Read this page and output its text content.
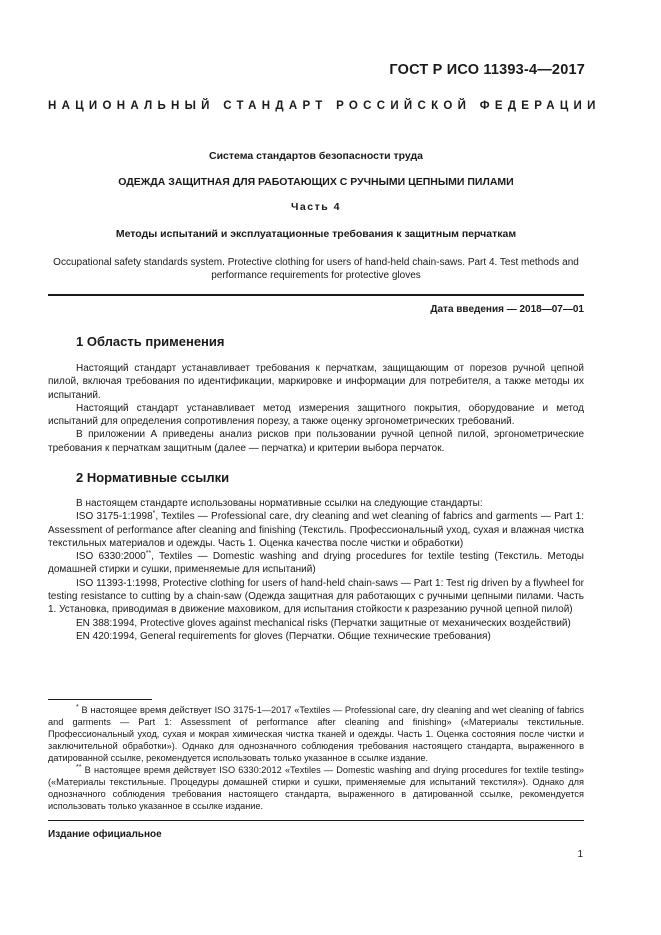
ГОСТ Р ИСО 11393-4—2017
НАЦИОНАЛЬНЫЙ СТАНДАРТ РОССИЙСКОЙ ФЕДЕРАЦИИ
Система стандартов безопасности труда
ОДЕЖДА ЗАЩИТНАЯ ДЛЯ РАБОТАЮЩИХ С РУЧНЫМИ ЦЕПНЫМИ ПИЛАМИ
Часть 4
Методы испытаний и эксплуатационные требования к защитным перчаткам
Occupational safety standards system. Protective clothing for users of hand-held chain-saws. Part 4. Test methods and performance requirements for protective gloves
Дата введения — 2018—07—01
1 Область применения

Настоящий стандарт устанавливает требования к перчаткам, защищающим от порезов ручной цепной пилой, включая требования по идентификации, маркировке и информации для потребителя, а также методы их испытаний.

Настоящий стандарт устанавливает метод измерения защитного покрытия, оборудование и метод испытаний для определения сопротивления порезу, а также оценку эргонометрических требований.

В приложении А приведены анализ рисков при пользовании ручной цепной пилой, эргонометрические требования к перчаткам защитным (далее — перчатка) и критерии выбора перчаток.

2 Нормативные ссылки

В настоящем стандарте использованы нормативные ссылки на следующие стандарты:

ISO 3175-1:1998*, Textiles — Professional care, dry cleaning and wet cleaning of fabrics and garments — Part 1: Assessment of performance after cleaning and finishing (Текстиль. Профессиональный уход, сухая и влажная чистка текстильных материалов и одежды. Часть 1. Оценка качества после чистки и обработки)

ISO 6330:2000**, Textiles — Domestic washing and drying procedures for textile testing (Текстиль. Методы домашней стирки и сушки, применяемые для испытаний)

ISO 11393-1:1998, Protective clothing for users of hand-held chain-saws — Part 1: Test rig driven by a flywheel for testing resistance to cutting by a chain-saw (Одежда защитная для работающих с ручными цепными пилами. Часть 1. Установка, приводимая в движение маховиком, для испытания стойкости к разрезанию ручной цепной пилой)

EN 388:1994, Protective gloves against mechanical risks (Перчатки защитные от механических воздействий)

EN 420:1994, General requirements for gloves (Перчатки. Общие технические требования)

* В настоящее время действует ISO 3175-1—2017 «Textiles — Professional care, dry cleaning and wet cleaning of fabrics and garments — Part 1: Assessment of performance after cleaning and finishing» («Материалы текстильные. Профессиональный уход, сухая и мокрая химическая чистка тканей и одежды. Часть 1. Оценка состояния после чистки и заключительной обработки»). Однако для однозначного соблюдения требования настоящего стандарта, выраженного в датированной ссылке, рекомендуется использовать только указанное в ссылке издание.

** В настоящее время действует ISO 6330:2012 «Textiles — Domestic washing and drying procedures for textile testing» («Материалы текстильные. Процедуры домашней стирки и сушки, применяемые для испытаний текстиля»). Однако для однозначного соблюдения требования настоящего стандарта, выраженного в датированной ссылке, рекомендуется использовать только указанное в ссылке издание.

Издание официальное
1
